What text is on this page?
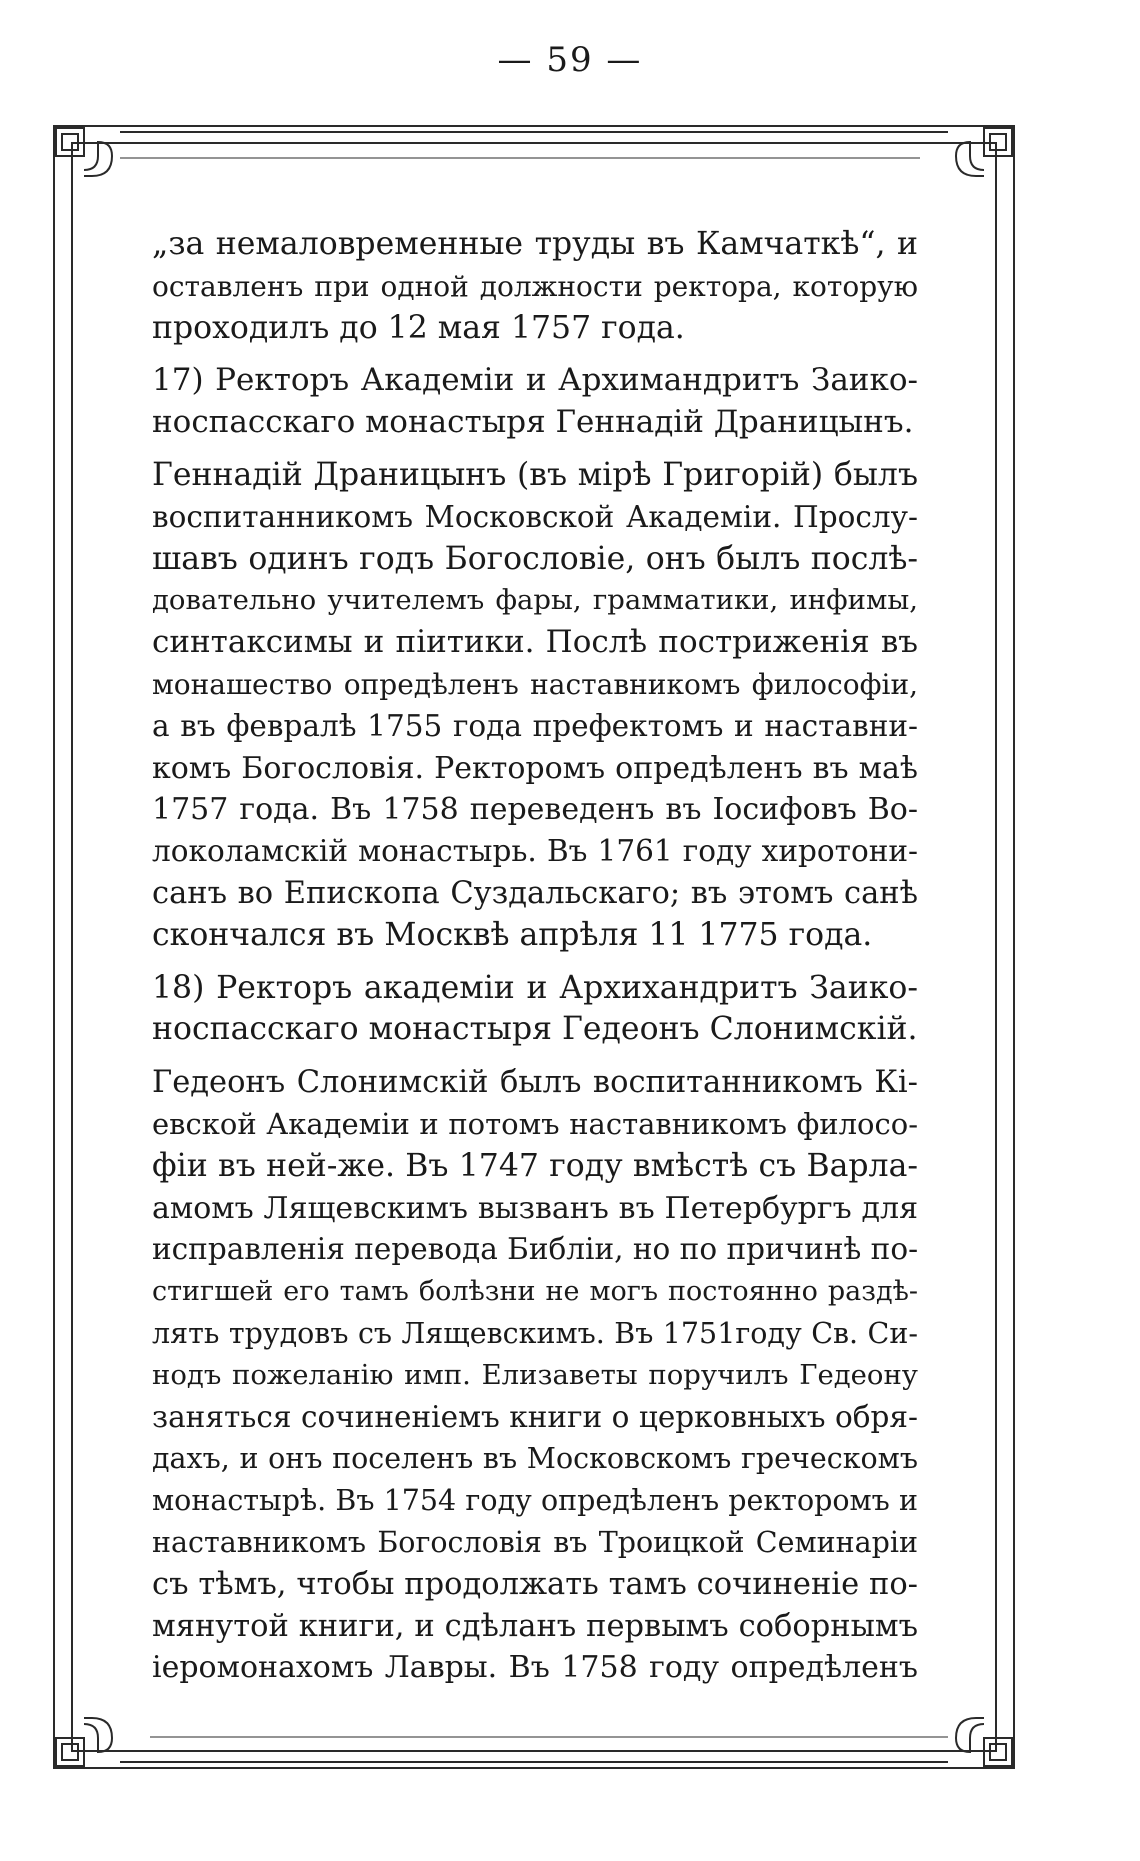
— 59 —
„за немаловременные труды въ Камчаткѣ“, и
оставленъ при одной должности ректора, которую
проходилъ до 12 мая 1757 года.
17) Ректоръ Академіи и Архимандритъ Заико-
носпасскаго монастыря Геннадій Драницынъ.
Геннадій Драницынъ (въ мірѣ Григорій) былъ
воспитанникомъ Московской Академіи. Прослу-
шавъ одинъ годъ Богословіе, онъ былъ послѣ-
довательно учителемъ фары, грамматики, инфимы,
синтаксимы и піитики. Послѣ постриженія въ
монашество опредѣленъ наставникомъ философіи,
а въ февралѣ 1755 года префектомъ и наставни-
комъ Богословія. Ректоромъ опредѣленъ въ маѣ
1757 года. Въ 1758 переведенъ въ Іосифовъ Во-
локоламскій монастырь. Въ 1761 году хиротони-
санъ во Епископа Суздальскаго; въ этомъ санѣ
скончался въ Москвѣ апрѣля 11 1775 года.
18) Ректоръ академіи и Архихандритъ Заико-
носпасскаго монастыря Гедеонъ Слонимскій.
Гедеонъ Слонимскій былъ воспитанникомъ Кі-
евской Академіи и потомъ наставникомъ филосо-
фіи въ ней-же. Въ 1747 году вмѣстѣ съ Варла-
амомъ Лящевскимъ вызванъ въ Петербургъ для
исправленія перевода Библіи, но по причинѣ по-
стигшей его тамъ болѣзни не могъ постоянно раздѣ-
лять трудовъ съ Лящевскимъ. Въ 1751году Св. Си-
нодъ пожеланію имп. Елизаветы поручилъ Гедеону
заняться сочиненіемъ книги о церковныхъ обря-
дахъ, и онъ поселенъ въ Московскомъ греческомъ
монастырѣ. Въ 1754 году опредѣленъ ректоромъ и
наставникомъ Богословія въ Троицкой Семинаріи
съ тѣмъ, чтобы продолжать тамъ сочиненіе по-
мянутой книги, и сдѣланъ первымъ соборнымъ
іеромонахомъ Лавры. Въ 1758 году опредѣленъ
